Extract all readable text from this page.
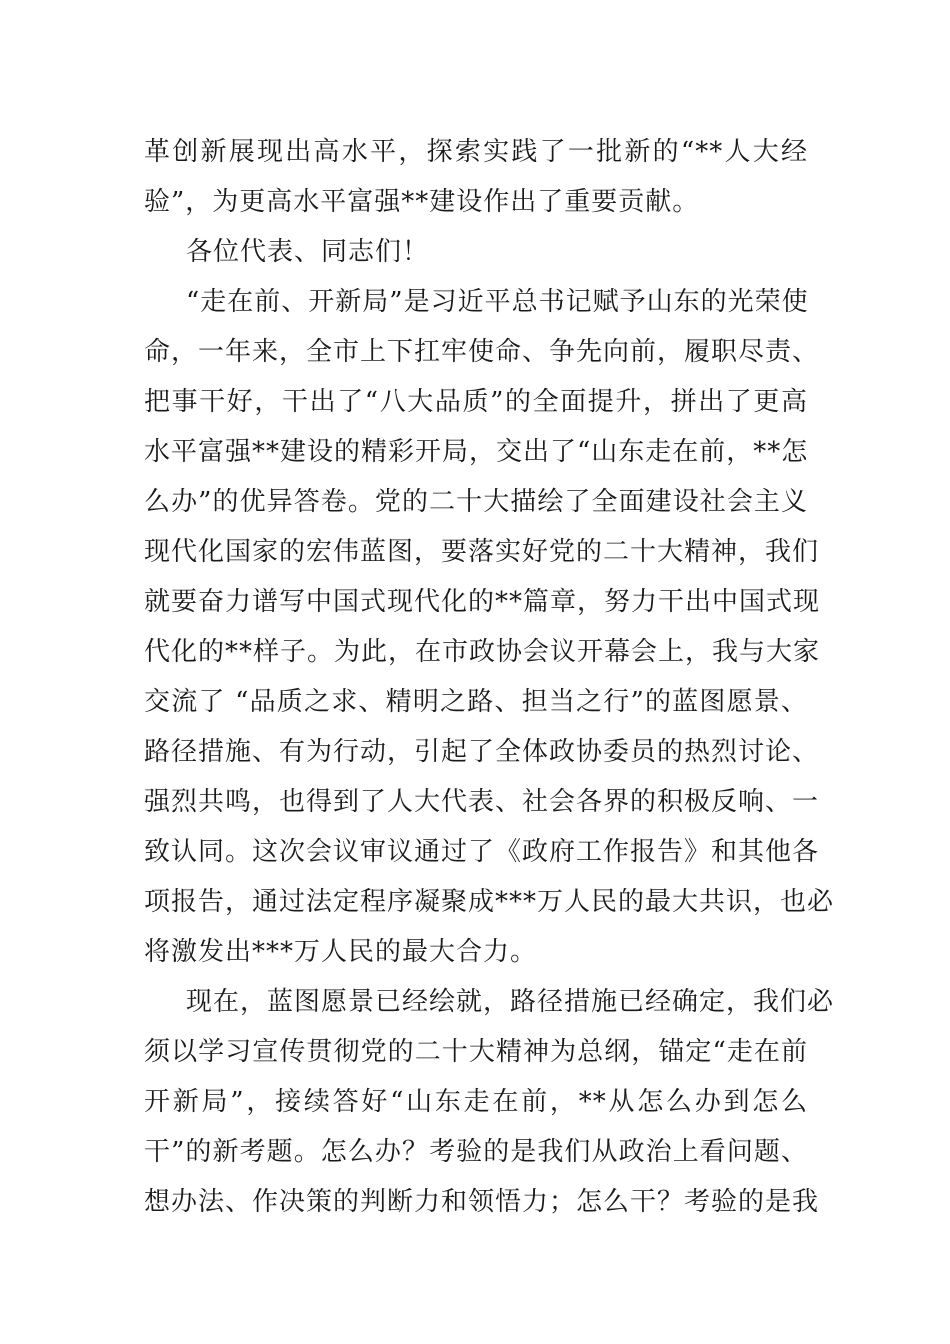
革创新展现出高水平，探索实践了一批新的“**人大经
验”，为更高水平富强**建设作出了重要贡献。
各位代表、同志们！
“走在前、开新局”是习近平总书记赋予山东的光荣使
命，一年来，全市上下扛牢使命、争先向前，履职尽责、
把事干好，干出了“八大品质”的全面提升，拼出了更高
水平富强**建设的精彩开局，交出了“山东走在前，**怎
么办”的优异答卷。党的二十大描绘了全面建设社会主义
现代化国家的宏伟蓝图，要落实好党的二十大精神，我们
就要奋力谱写中国式现代化的**篇章，努力干出中国式现
代化的**样子。为此，在市政协会议开幕会上，我与大家
交流了 “品质之求、精明之路、担当之行”的蓝图愿景、
路径措施、有为行动，引起了全体政协委员的热烈讨论、
强烈共鸣，也得到了人大代表、社会各界的积极反响、一
致认同。这次会议审议通过了《政府工作报告》和其他各
项报告，通过法定程序凝聚成***万人民的最大共识，也必
将激发出***万人民的最大合力。
现在，蓝图愿景已经绘就，路径措施已经确定，我们必
须以学习宣传贯彻党的二十大精神为总纲，锚定“走在前
开新局”，接续答好“山东走在前，**从怎么办到怎么
干”的新考题。怎么办？考验的是我们从政治上看问题、
想办法、作决策的判断力和领悟力；怎么干？考验的是我
